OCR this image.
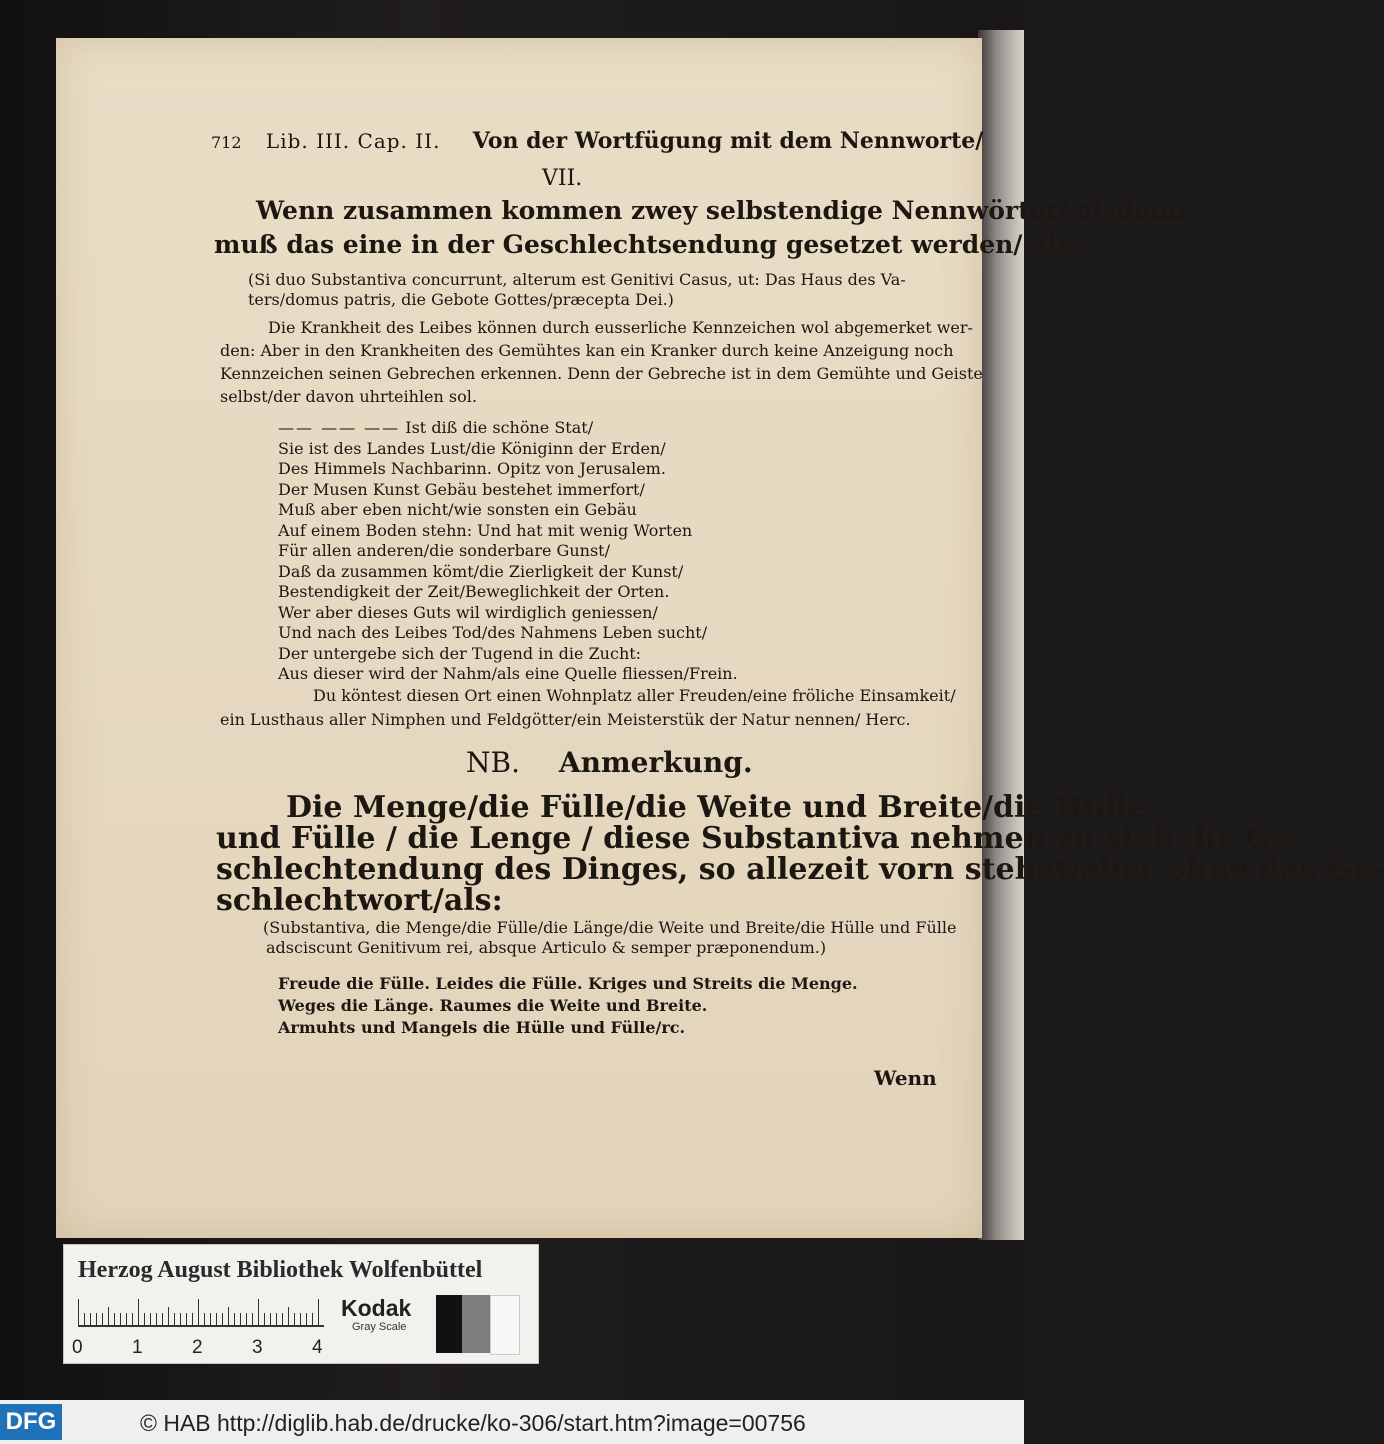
712 Lib. III. Cap. II. Von der Wortfügung mit dem Nennworte/
VII.
Wenn zusammen kommen zwey selbstendige Nennwörter/ alsdenn
muß das eine in der Geschlechtsendung gesetzet werden/ als:
(Si duo Substantiva concurrunt, alterum est Genitivi Casus, ut: Das Haus des Va-
ters/domus patris, die Gebote Gottes/præcepta Dei.)
Die Krankheit des Leibes können durch eusserliche Kennzeichen wol abgemerket wer-
den: Aber in den Krankheiten des Gemühtes kan ein Kranker durch keine Anzeigung noch
Kennzeichen seinen Gebrechen erkennen. Denn der Gebreche ist in dem Gemühte und Geiste
selbst/der davon uhrteihlen sol.
—— —— —— Ist diß die schöne Stat/
Sie ist des Landes Lust/die Königinn der Erden/
Des Himmels Nachbarinn. Opitz von Jerusalem.
Der Musen Kunst Gebäu bestehet immerfort/
Muß aber eben nicht/wie sonsten ein Gebäu
Auf einem Boden stehn: Und hat mit wenig Worten
Für allen anderen/die sonderbare Gunst/
Daß da zusammen kömt/die Zierligkeit der Kunst/
Bestendigkeit der Zeit/Beweglichkeit der Orten.
Wer aber dieses Guts wil wirdiglich geniessen/
Und nach des Leibes Tod/des Nahmens Leben sucht/
Der untergebe sich der Tugend in die Zucht:
Aus dieser wird der Nahm/als eine Quelle fliessen/Frein.
Du köntest diesen Ort einen Wohnplatz aller Freuden/eine fröliche Einsamkeit/
ein Lusthaus aller Nimphen und Feldgötter/ein Meisterstük der Natur nennen/ Herc.
NB. Anmerkung.
Die Menge/die Fülle/die Weite und Breite/die Hülle
und Fülle / die Lenge / diese Substantiva nehmen zu sich die Ge-
schlechtendung des Dinges, so allezeit vorn stehet/aber ohne das Ge-
schlechtwort/als:
(Substantiva, die Menge/die Fülle/die Länge/die Weite und Breite/die Hülle und Fülle
adsciscunt Genitivum rei, absque Articulo & semper præponendum.)
Freude die Fülle. Leides die Fülle. Kriges und Streits die Menge.
Weges die Länge. Raumes die Weite und Breite.
Armuhts und Mangels die Hülle und Fülle/rc.
Wenn
Herzog August Bibliothek Wolfenbüttel
0	1	2	3	4
Kodak
Gray Scale
DFG	© HAB http://diglib.hab.de/drucke/ko-306/start.htm?image=00756
